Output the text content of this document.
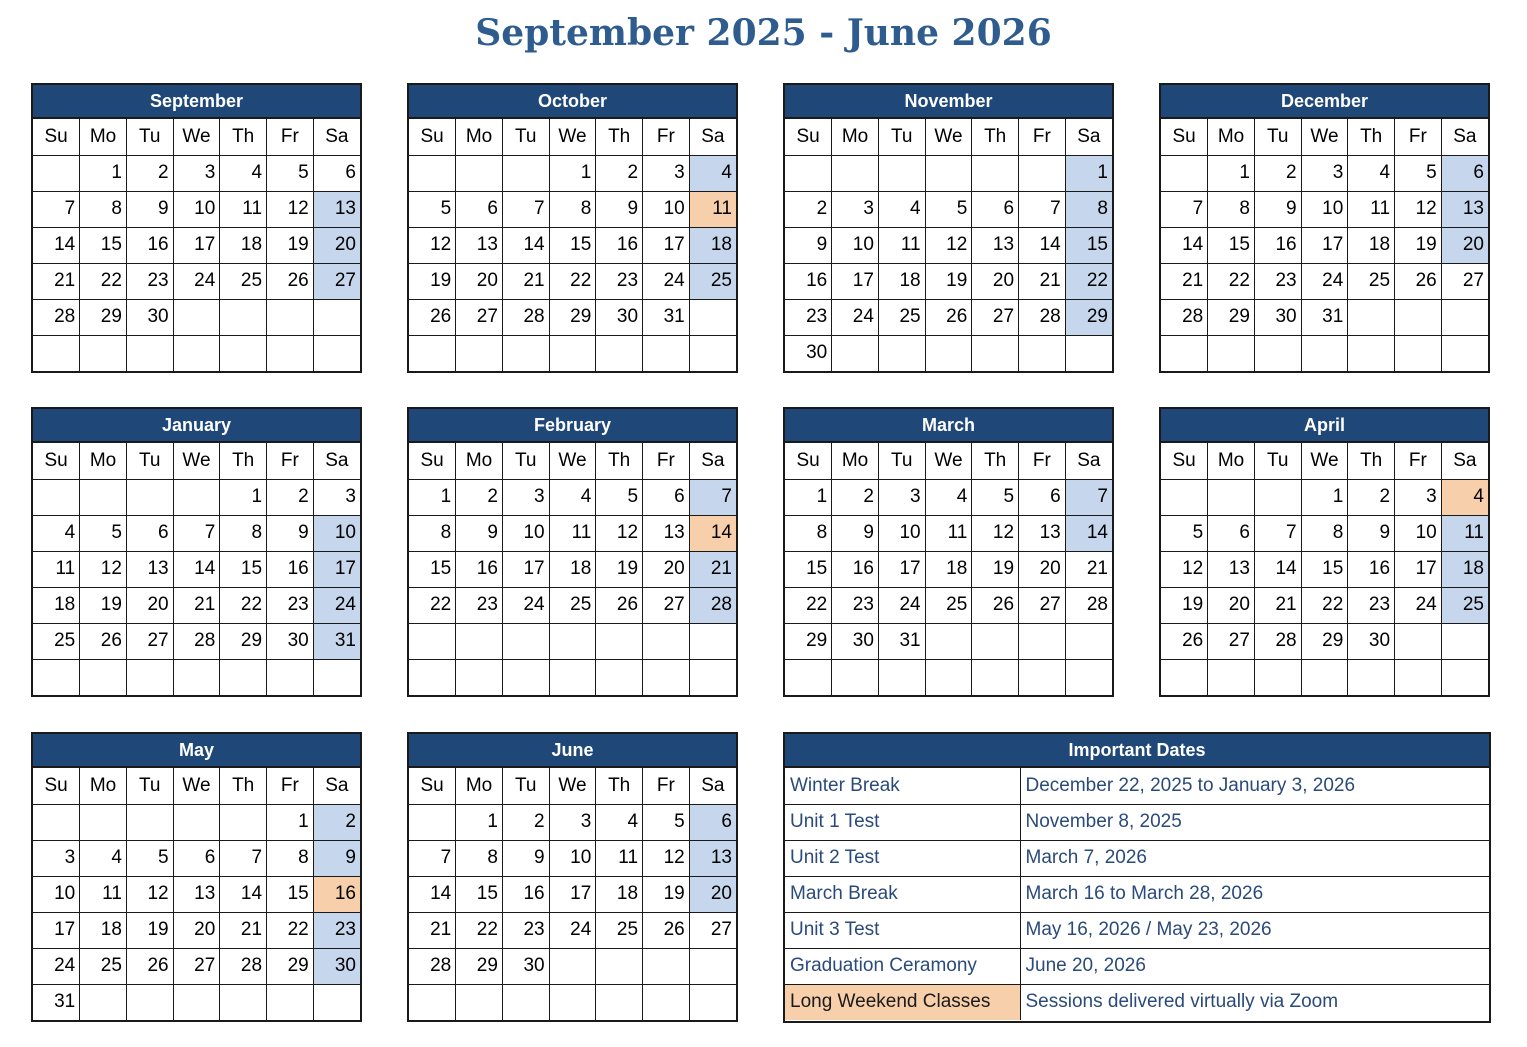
September 2025 - June 2026
September
Su	Mo	Tu	We	Th	Fr	Sa
	1	2	3	4	5	6
7	8	9	10	11	12	13
14	15	16	17	18	19	20
21	22	23	24	25	26	27
28	29	30				

October
Su	Mo	Tu	We	Th	Fr	Sa
			1	2	3	4
5	6	7	8	9	10	11
12	13	14	15	16	17	18
19	20	21	22	23	24	25
26	27	28	29	30	31	

November
Su	Mo	Tu	We	Th	Fr	Sa
						1
2	3	4	5	6	7	8
9	10	11	12	13	14	15
16	17	18	19	20	21	22
23	24	25	26	27	28	29
30						
December
Su	Mo	Tu	We	Th	Fr	Sa
	1	2	3	4	5	6
7	8	9	10	11	12	13
14	15	16	17	18	19	20
21	22	23	24	25	26	27
28	29	30	31			

January
Su	Mo	Tu	We	Th	Fr	Sa
				1	2	3
4	5	6	7	8	9	10
11	12	13	14	15	16	17
18	19	20	21	22	23	24
25	26	27	28	29	30	31

February
Su	Mo	Tu	We	Th	Fr	Sa
1	2	3	4	5	6	7
8	9	10	11	12	13	14
15	16	17	18	19	20	21
22	23	24	25	26	27	28

March
Su	Mo	Tu	We	Th	Fr	Sa
1	2	3	4	5	6	7
8	9	10	11	12	13	14
15	16	17	18	19	20	21
22	23	24	25	26	27	28
29	30	31				

April
Su	Mo	Tu	We	Th	Fr	Sa
			1	2	3	4
5	6	7	8	9	10	11
12	13	14	15	16	17	18
19	20	21	22	23	24	25
26	27	28	29	30		

May
Su	Mo	Tu	We	Th	Fr	Sa
					1	2
3	4	5	6	7	8	9
10	11	12	13	14	15	16
17	18	19	20	21	22	23
24	25	26	27	28	29	30
31						
June
Su	Mo	Tu	We	Th	Fr	Sa
	1	2	3	4	5	6
7	8	9	10	11	12	13
14	15	16	17	18	19	20
21	22	23	24	25	26	27
28	29	30				

Important Dates
Winter Break	December 22, 2025 to January 3, 2026
Unit 1 Test	November 8, 2025
Unit 2 Test	March 7, 2026
March Break	March 16 to March 28, 2026
Unit 3 Test	May 16, 2026 / May 23, 2026
Graduation Ceramony	June 20, 2026
Long Weekend Classes	Sessions delivered virtually via Zoom
